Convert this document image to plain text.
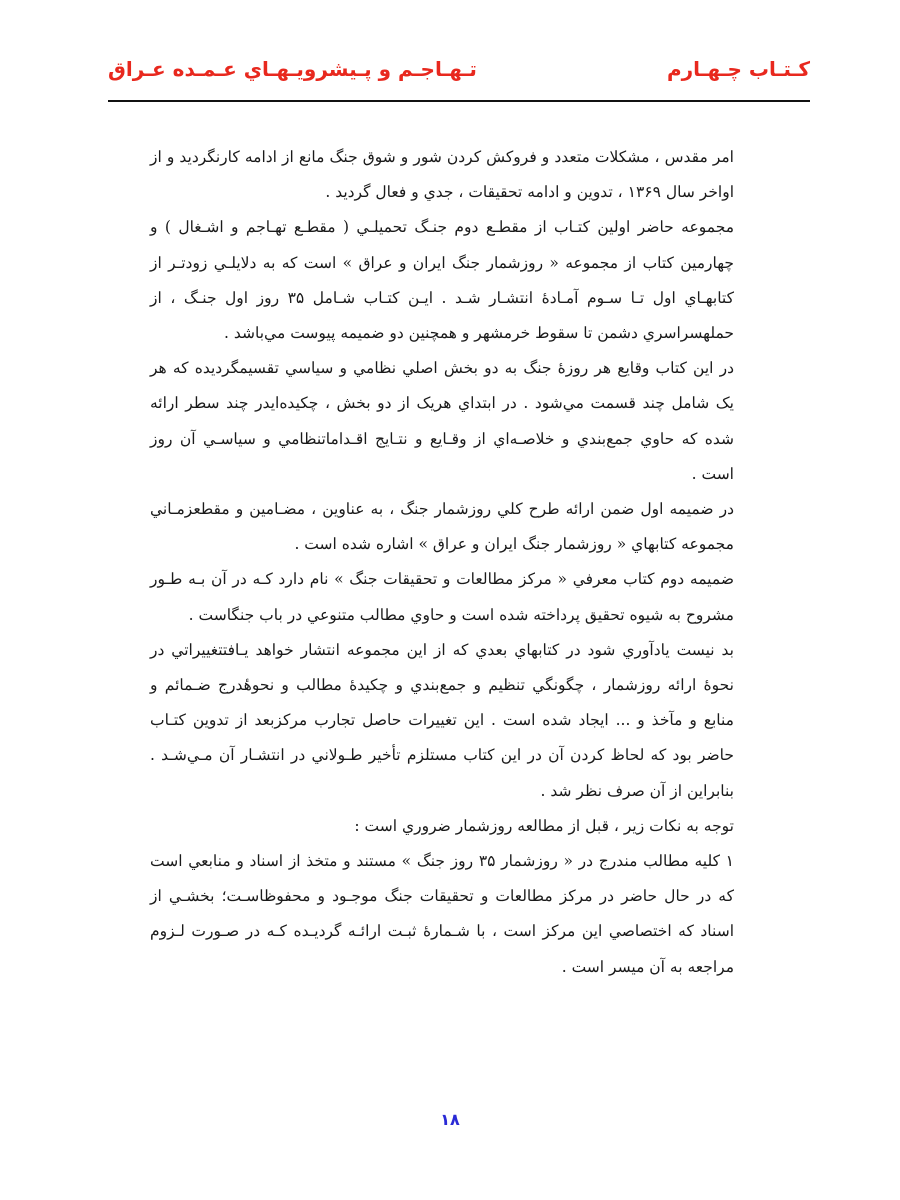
كـتـاب چـهـارم
تـهـاجـم و پـيشرويـهـاي عـمـده عـراق

امر مقدس ، مشكلات متعدد و فروكش كردن شور و شوق جنگ مانع از ادامه كارنگرديد و از اواخر سال ۱۳۶۹ ، تدوين و ادامه تحقيقات ، جدي و فعال گرديد .

مجموعه حاضر اولين كتـاب از مقطـع دوم جنـگ تحميلـي ( مقطـع تهـاجم و اشـغال ) و چهارمين كتاب از مجموعه « روزشمار جنگ ايران و عراق » است كه به دلايلـي زودتـر از كتابهـاي اول تـا سـوم آمـادهٔ انتشـار شـد . ايـن كتـاب شـامل ۳۵ روز اول جنـگ ، از حملهسراسري دشمن تا سقوط خرمشهر و همچنين دو ضميمه پيوست مي‌باشد .

در اين كتاب وقايع هر روزهٔ جنگ به دو بخش اصلي نظامي و سياسي تقسيمگرديده كه هر يک شامل چند قسمت مي‌شود . در ابتداي هريک از دو بخش ، چكيده‌ايدر چند سطر ارائه شده كه حاوي جمع‌بندي و خلاصـه‌اي از وقـايع و نتـايج اقـداماتنظامي و سياسـي آن روز است .

در ضميمه اول ضمن ارائه طرح كلي روزشمار جنگ ، به عناوين ، مضـامين و مقطعزمـاني مجموعه كتابهاي « روزشمار جنگ ايران و عراق » اشاره شده است .

ضميمه دوم كتاب معرفي « مركز مطالعات و تحقيقات جنگ » نام دارد كـه در آن بـه طـور مشروح به شيوه تحقيق پرداخته شده است و حاوي مطالب متنوعي در باب جنگاست .

بد نيست يادآوري شود در كتابهاي بعدي كه از اين مجموعه انتشار خواهد يـافتتغييراتي در نحوهٔ ارائه روزشمار ، چگونگي تنظيم و جمع‌بندي و چكيدهٔ مطالب و نحوهٔدرج ضـمائم و منابع و مآخذ و ... ايجاد شده است . اين تغييرات حاصل تجارب مركزبعد از تدوين كتـاب حاضر بود كه لحاظ كردن آن در اين كتاب مستلزم تأخير طـولاني در انتشـار آن مـي‌شـد . بنابراين از آن صرف نظر شد .

توجه به نكات زير ، قبل از مطالعه روزشمار ضروري است :

۱ كليه مطالب مندرج در « روزشمار ۳۵ روز جنگ » مستند و متخذ از اسناد و منابعي است كه در حال حاضر در مركز مطالعات و تحقيقات جنگ موجـود و محفوظاسـت؛ بخشـي از اسناد كه اختصاصي اين مركز است ، با شـمارهٔ ثبـت ارائـه گرديـده كـه در صـورت لـزوم مراجعه به آن ميسر است .

۱۸
